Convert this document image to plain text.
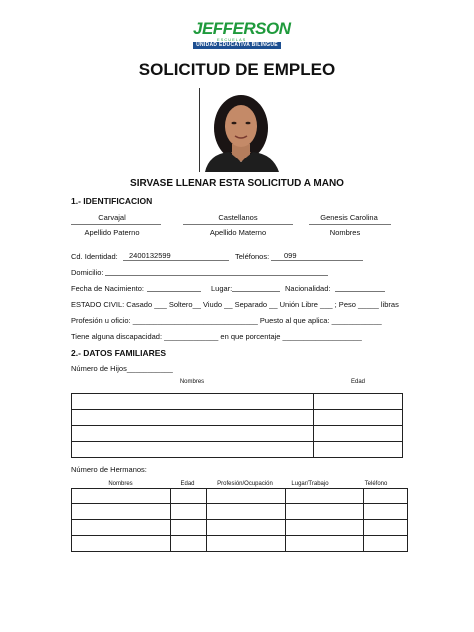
JEFFERSON
ESCUELAS
UNIDAD EDUCATIVA BILINGÜE
SOLICITUD DE EMPLEO
SIRVASE LLENAR ESTA SOLICITUD A MANO
1.- IDENTIFICACION
Carvajal	Castellanos	Genesis Carolina
Apellido Paterno	Apellido Materno	Nombres
Cd. Identidad: 2400132599	Teléfonos: 099
Domicilio:
Fecha de Nacimiento:	Lugar:	Nacionalidad:
ESTADO CIVIL: Casado ___ Soltero__ Viudo __ Separado __ Unión Libre ___ ; Peso _____ libras
Profesión u oficio: ______________________________ Puesto al que aplica: ____________
Tiene alguna discapacidad: _____________ en que porcentaje ___________________
2.- DATOS FAMILIARES
Número de Hijos___________
Nombres	Edad

Número de Hermanos:
Nombres	Edad	Profesión/Ocupación	Lugar/Trabajo	Teléfono
